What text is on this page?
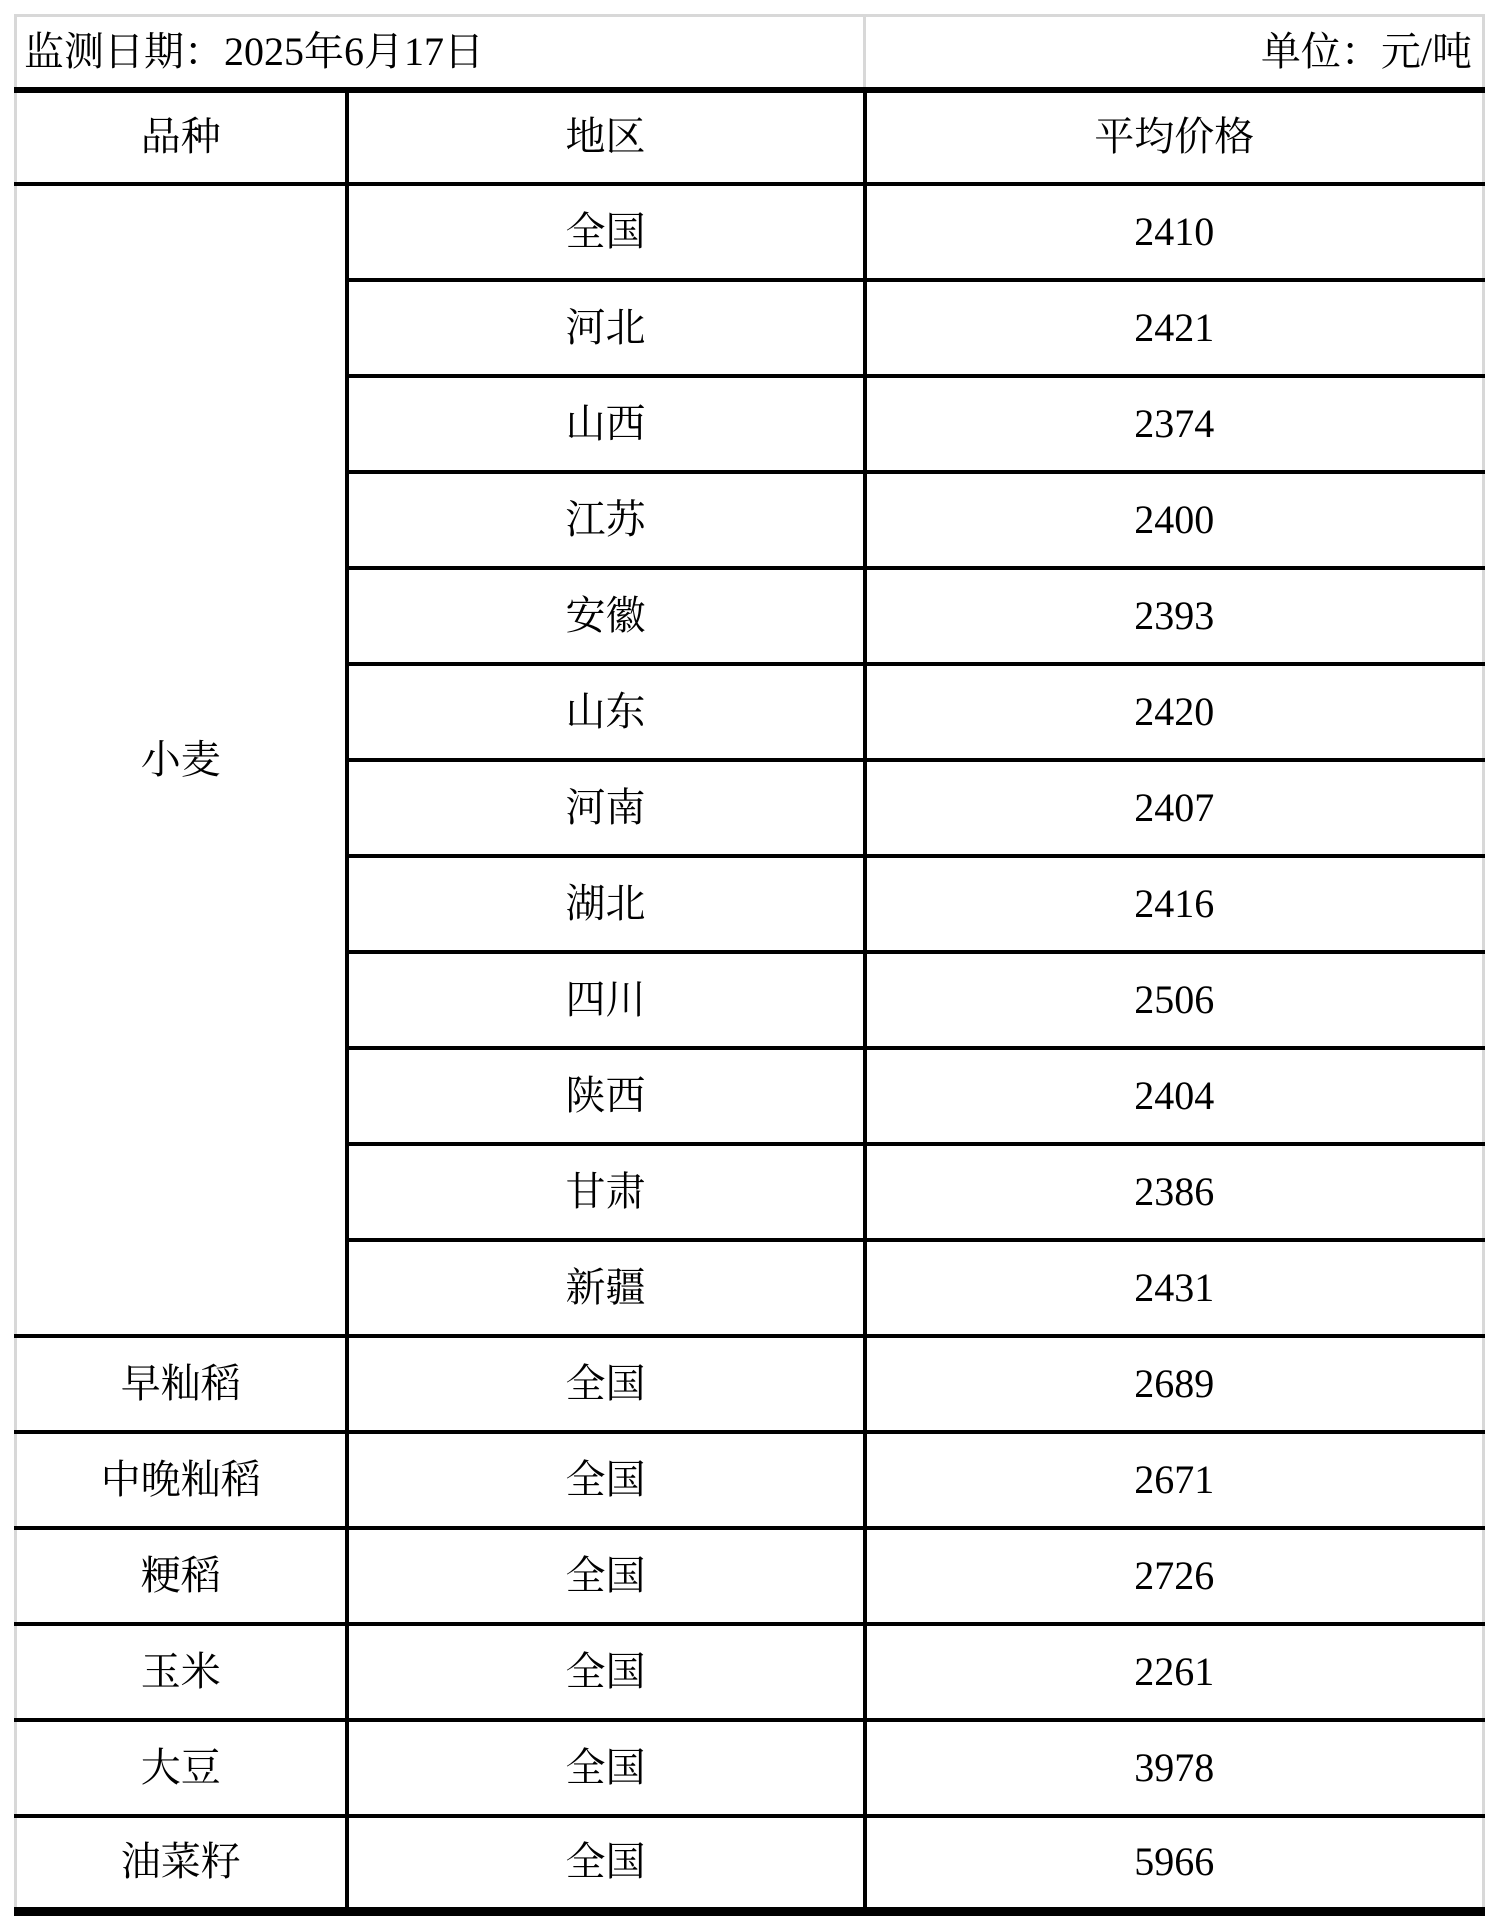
监测日期：2025年6月17日		单位：元/吨
品种	地区	平均价格
小麦	全国	2410
	河北	2421
	山西	2374
	江苏	2400
	安徽	2393
	山东	2420
	河南	2407
	湖北	2416
	四川	2506
	陕西	2404
	甘肃	2386
	新疆	2431
早籼稻	全国	2689
中晚籼稻	全国	2671
粳稻	全国	2726
玉米	全国	2261
大豆	全国	3978
油菜籽	全国	5966
